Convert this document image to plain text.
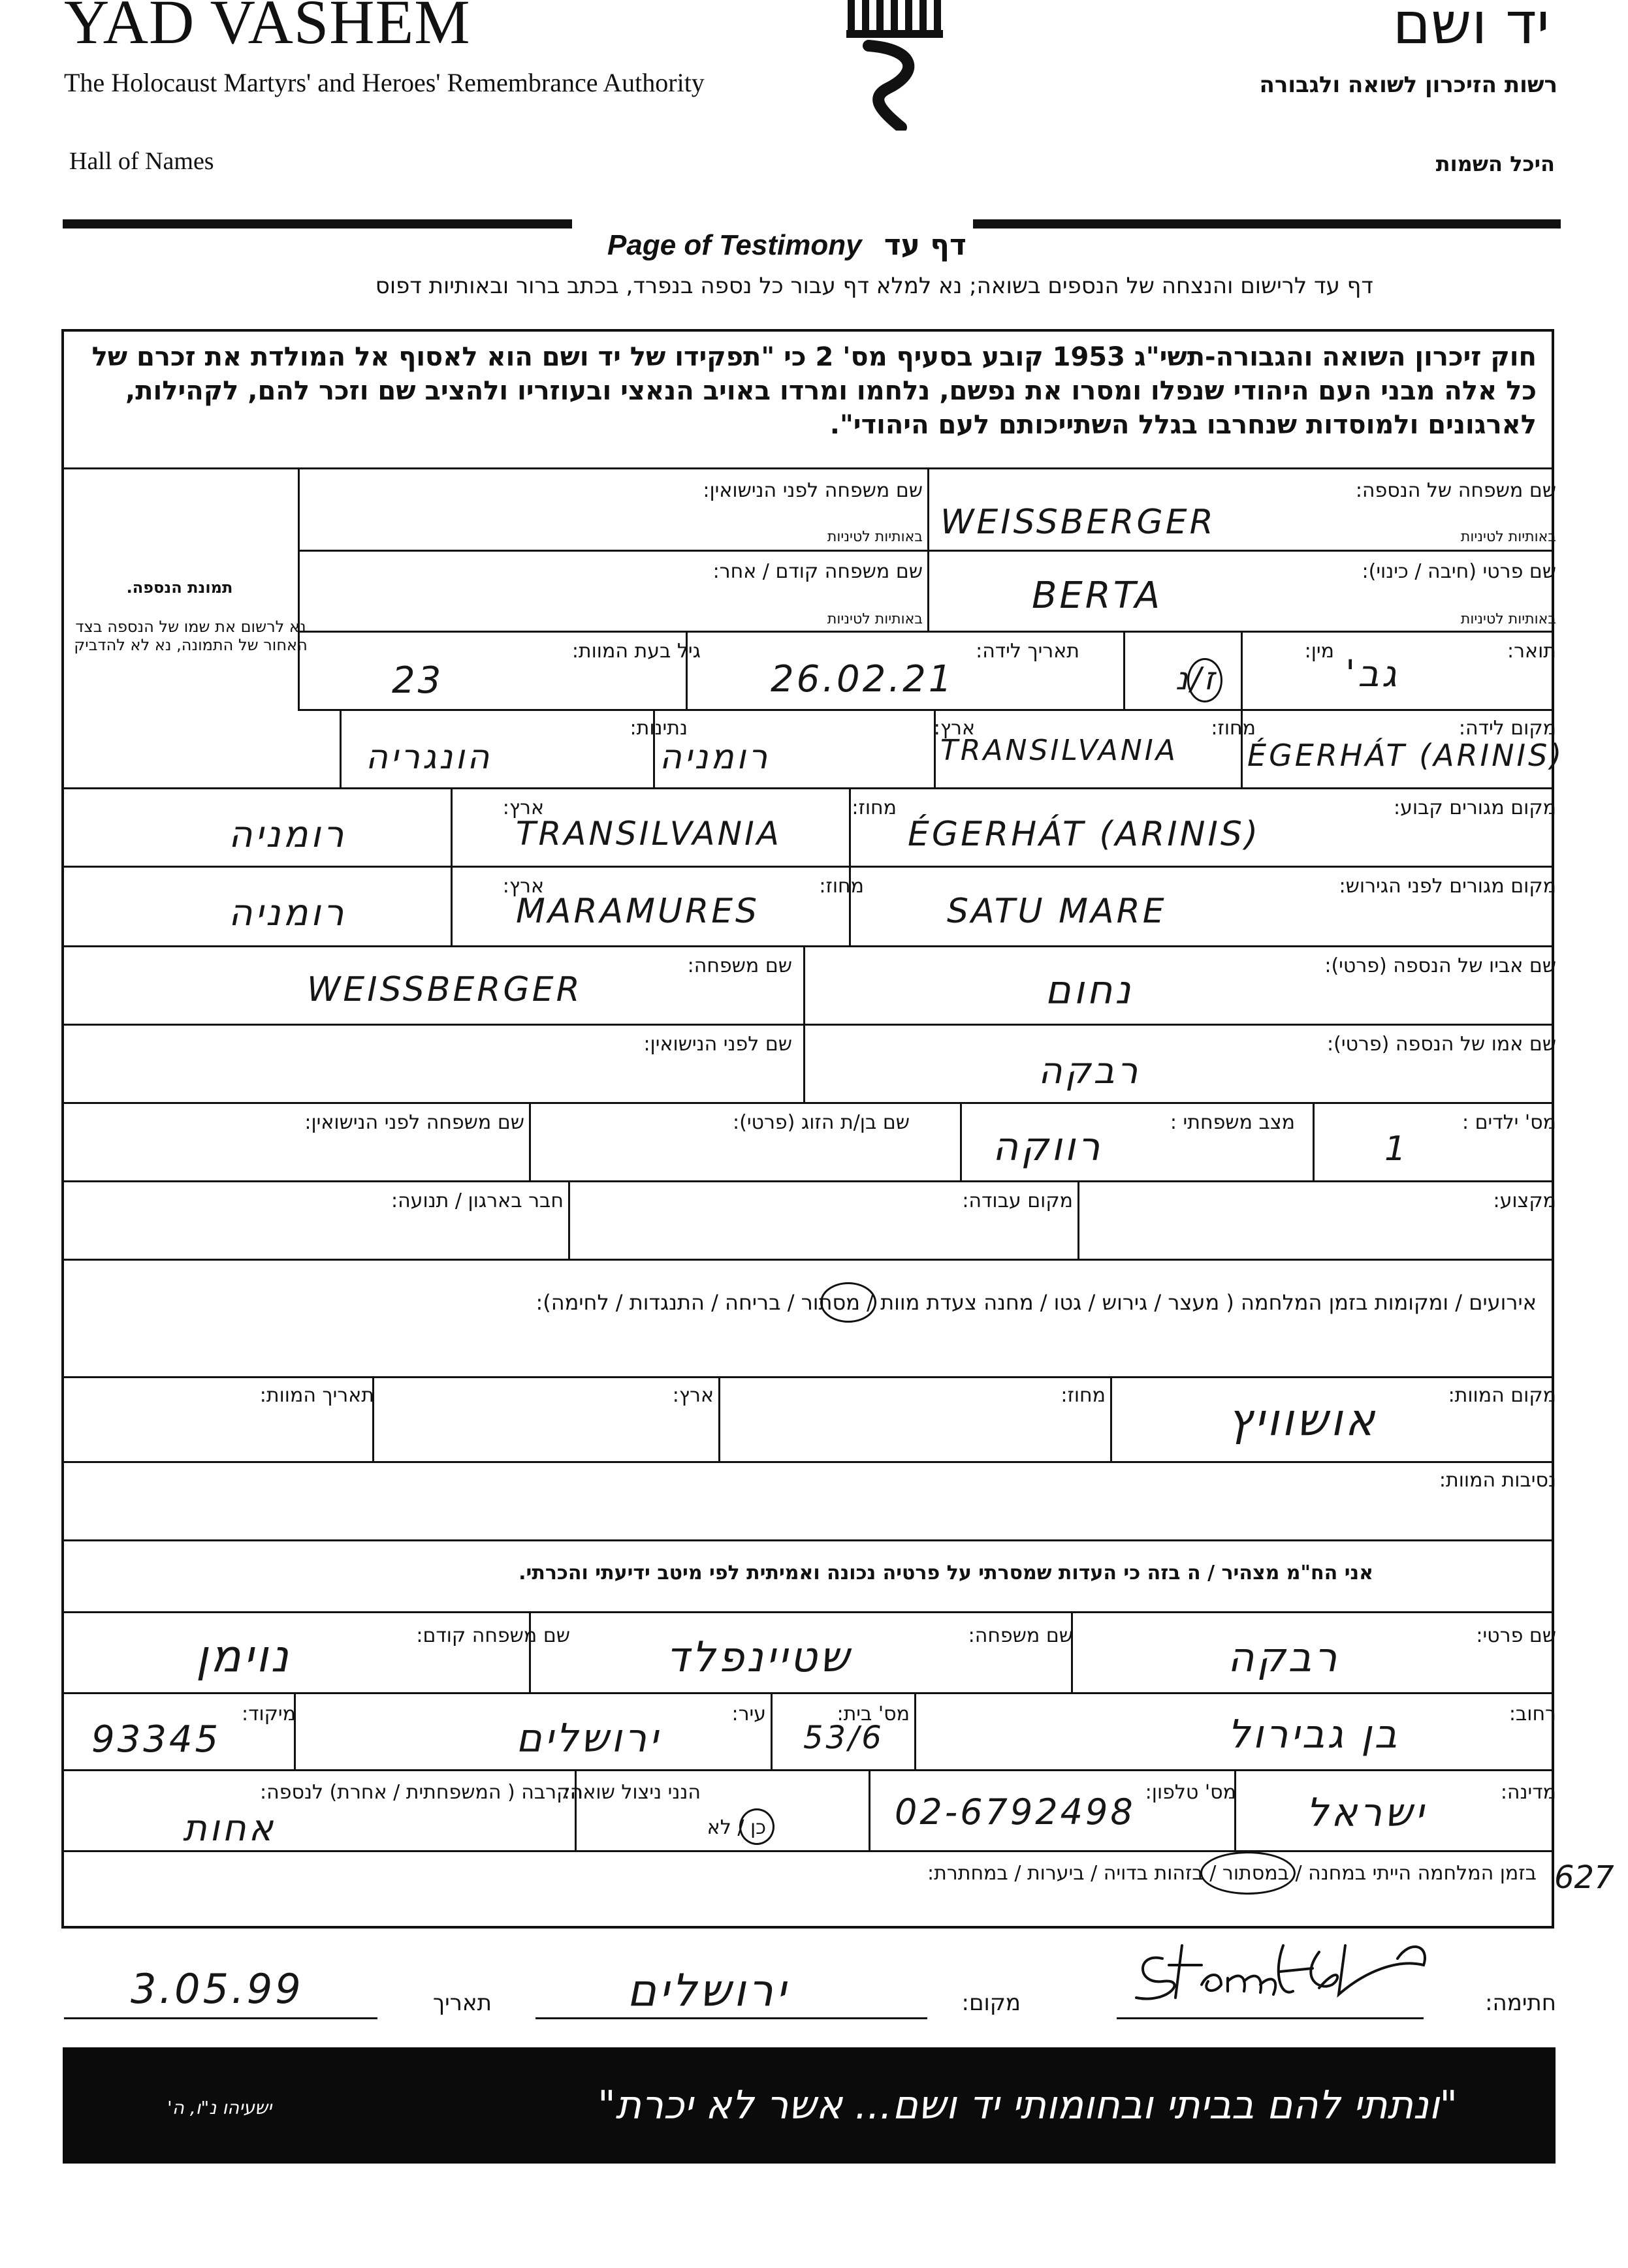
YAD VASHEM
The Holocaust Martyrs' and Heroes' Remembrance Authority
Hall of Names
יד ושם
רשות הזיכרון לשואה ולגבורה
היכל השמות
Page of Testimony דף עד
דף עד לרישום והנצחה של הנספים בשואה; נא למלא דף עבור כל נספה בנפרד, בכתב ברור ובאותיות דפוס
חוק זיכרון השואה והגבורה-תשי"ג 1953 קובע בסעיף מס' 2 כי "תפקידו של יד ושם הוא לאסוף אל המולדת את זכרם של
כל אלה מבני העם היהודי שנפלו ומסרו את נפשם, נלחמו ומרדו באויב הנאצי ובעוזריו ולהציב שם וזכר להם, לקהילות,
לארגונים ולמוסדות שנחרבו בגלל השתייכותם לעם היהודי".
תמונת הנספה.
נא לרשום את שמו של הנספה בצד האחור של התמונה, נא לא להדביק
שם משפחה של הנספה:
באותיות לטיניות
שם משפחה לפני הנישואין:
באותיות לטיניות
שם פרטי (חיבה / כינוי):
באותיות לטיניות
שם משפחה קודם / אחר:
באותיות לטיניות
תואר:
מין:
תאריך לידה:
גיל בעת המוות:
מקום לידה:
מחוז:
ארץ:
נתינות:
מקום מגורים קבוע:
מחוז:
ארץ:
מקום מגורים לפני הגירוש:
מחוז:
ארץ:
שם אביו של הנספה (פרטי):
שם משפחה:
שם אמו של הנספה (פרטי):
שם לפני הנישואין:
מס' ילדים :
מצב משפחתי :
שם בן/ת הזוג (פרטי):
שם משפחה לפני הנישואין:
מקצוע:
מקום עבודה:
חבר בארגון / תנועה:
אירועים / ומקומות בזמן המלחמה ( מעצר / גירוש / גטו / מחנה צעדת מוות / מסתור / בריחה / התנגדות / לחימה):
מקום המוות:
מחוז:
ארץ:
תאריך המוות:
נסיבות המוות:
אני הח"מ מצהיר / ה בזה כי העדות שמסרתי על פרטיה נכונה ואמיתית לפי מיטב ידיעתי והכרתי.
שם פרטי:
שם משפחה:
שם משפחה קודם:
רחוב:
מס' בית:
עיר:
מיקוד:
מדינה:
מס' טלפון:
הנני ניצול שואה:
כן / לא
הקרבה ( המשפחתית / אחרת) לנספה:
בזמן המלחמה הייתי במחנה / במסתור / בזהות בדויה / ביערות / במחתרת:
חתימה:
מקום:
תאריך
WEISSBERGER
BERTA
גב'
ז/נ
26.02.21
23
ÉGERHÁT (ARINIS)
TRANSILVANIA
רומניה
הונגריה
ÉGERHÁT (ARINIS)
TRANSILVANIA
רומניה
SATU MARE
MARAMURES
רומניה
נחום
WEISSBERGER
רבקה
1
רווקה
אושוויץ
רבקה
שטיינפלד
נוימן
בן גבירול
53/6
ירושלים
93345
ישראל
02-6792498
אחות
627
3.05.99	ירושלים
"ונתתי להם בביתי ובחומותי יד ושם... אשר לא יכרת"
ישעיהו נ"ו, ה'
